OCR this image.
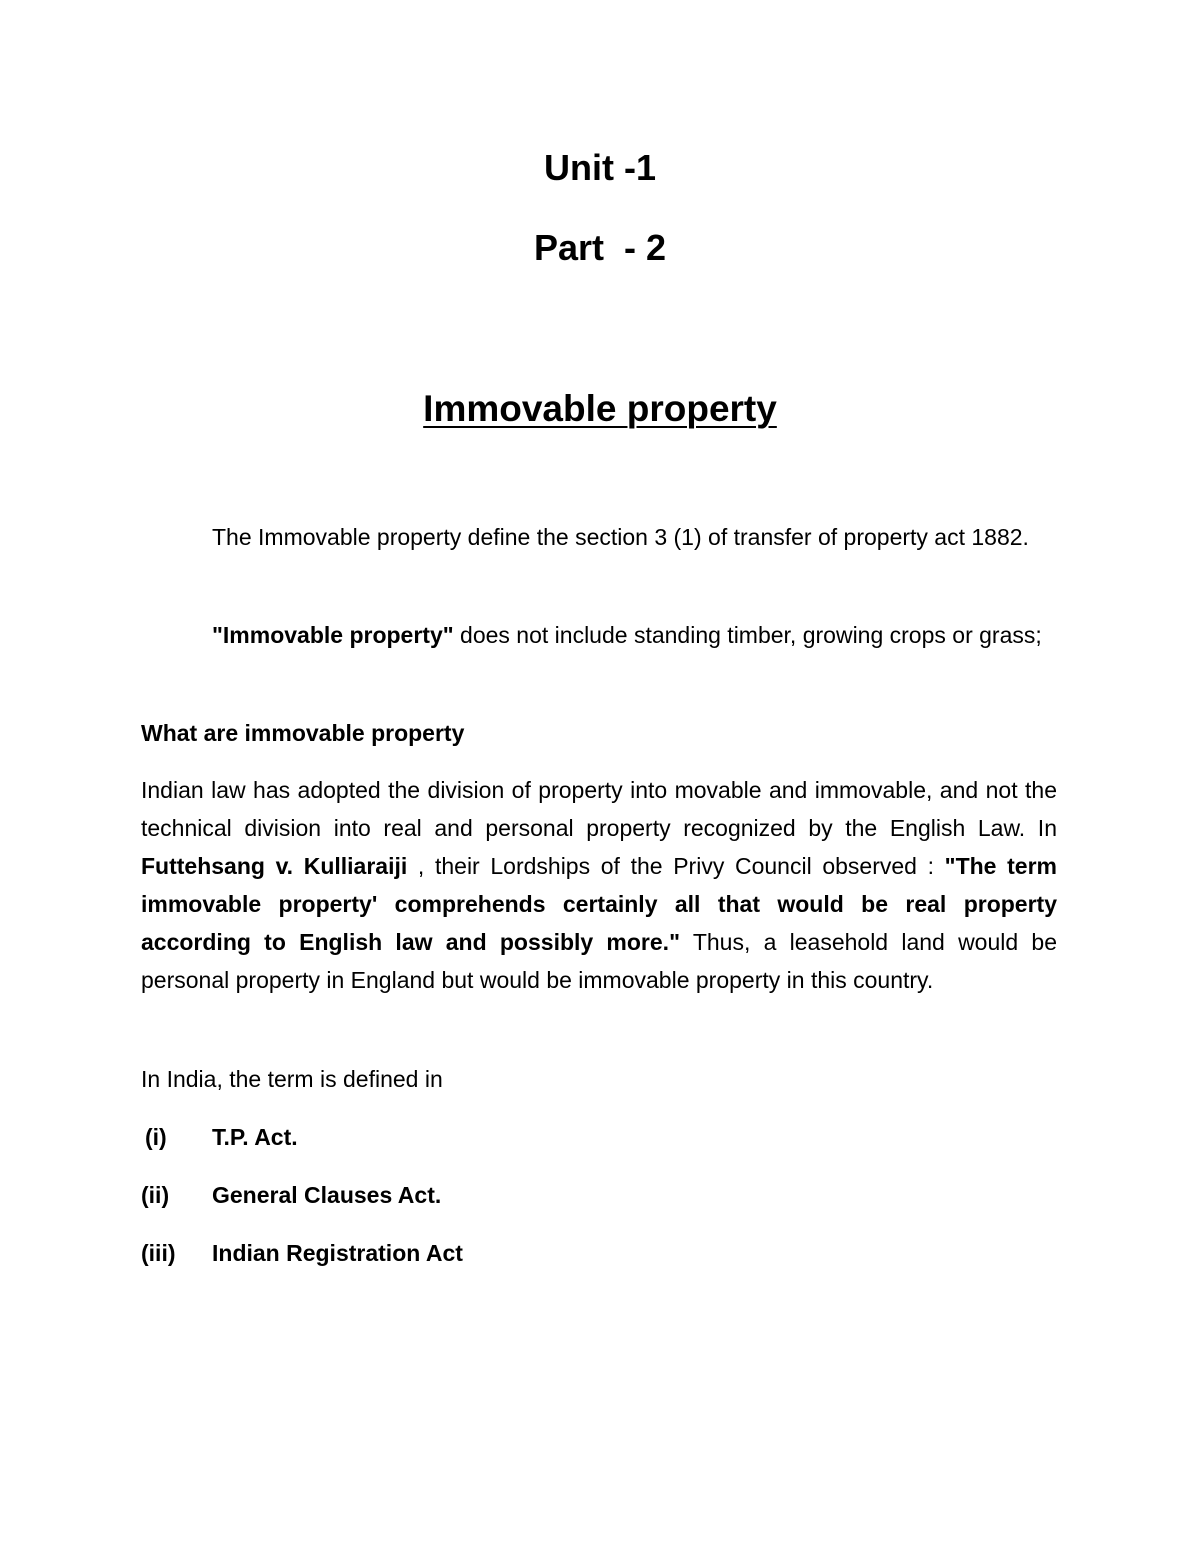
Unit -1
Part - 2
Immovable property

The Immovable property define the section 3 (1) of transfer of property act 1882.

"Immovable property" does not include standing timber, growing crops or grass;

What are immovable property

Indian law has adopted the division of property into movable and immovable, and not the technical division into real and personal property recognized by the English Law. In Futtehsang v. Kulliaraiji , their Lordships of the Privy Council observed : "The term immovable property' comprehends certainly all that would be real property according to English law and possibly more." Thus, a leasehold land would be personal property in England but would be immovable property in this country.

In India, the term is defined in

(i) T.P. Act.

(ii) General Clauses Act.

(iii) Indian Registration Act
